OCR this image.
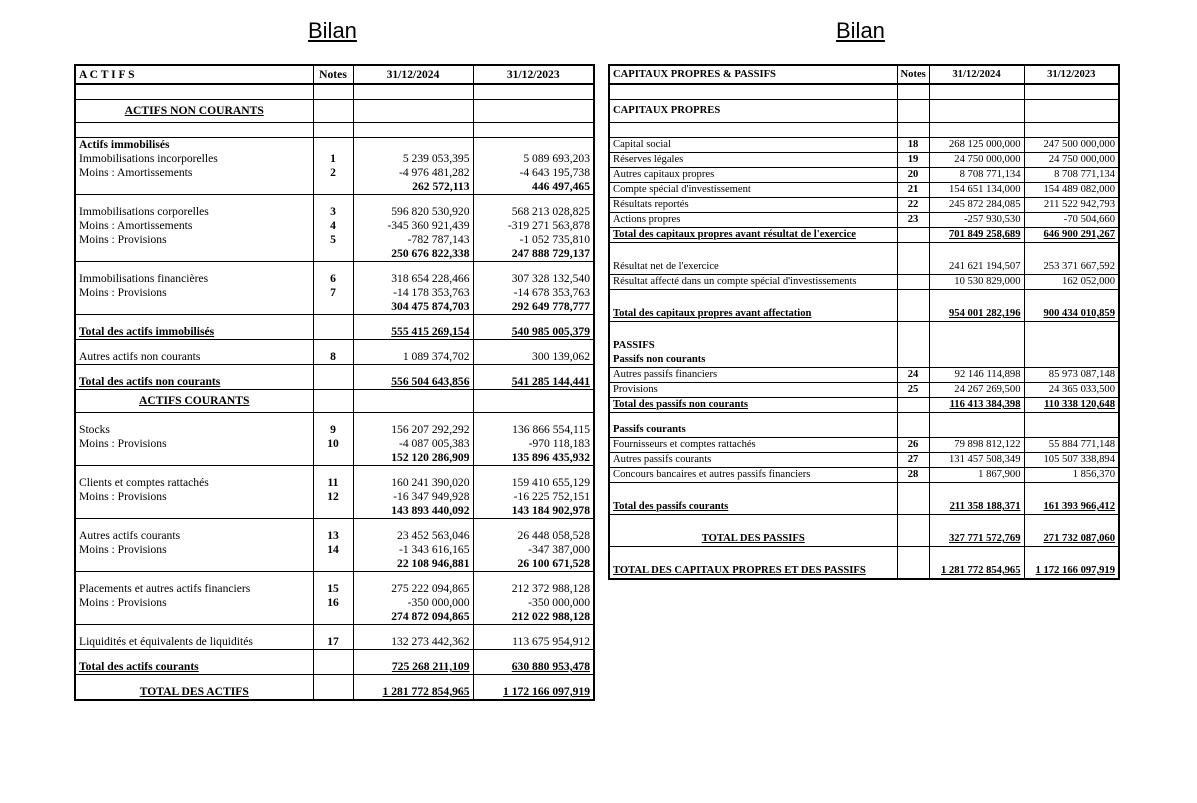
Bilan	Bilan
A C T I F S	Notes	31/12/2024	31/12/2023

ACTIFS NON COURANTS			

Actifs immobilisés			
Immobilisations incorporelles	1	5 239 053,395	5 089 693,203
Moins : Amortissements	2	-4 976 481,282	-4 643 195,738
		262 572,113	446 497,465

Immobilisations corporelles	3	596 820 530,920	568 213 028,825
Moins : Amortissements	4	-345 360 921,439	-319 271 563,878
Moins : Provisions	5	-782 787,143	-1 052 735,810
		250 676 822,338	247 888 729,137

Immobilisations financières	6	318 654 228,466	307 328 132,540
Moins : Provisions	7	-14 178 353,763	-14 678 353,763
		304 475 874,703	292 649 778,777

Total des actifs immobilisés		555 415 269,154	540 985 005,379

Autres actifs non courants	8	1 089 374,702	300 139,062

Total des actifs non courants		556 504 643,856	541 285 144,441
ACTIFS COURANTS			

Stocks	9	156 207 292,292	136 866 554,115
Moins : Provisions	10	-4 087 005,383	-970 118,183
		152 120 286,909	135 896 435,932

Clients et comptes rattachés	11	160 241 390,020	159 410 655,129
Moins : Provisions	12	-16 347 949,928	-16 225 752,151
		143 893 440,092	143 184 902,978

Autres actifs courants	13	23 452 563,046	26 448 058,528
Moins : Provisions	14	-1 343 616,165	-347 387,000
		22 108 946,881	26 100 671,528

Placements et autres actifs financiers	15	275 222 094,865	212 372 988,128
Moins : Provisions	16	-350 000,000	-350 000,000
		274 872 094,865	212 022 988,128

Liquidités et équivalents de liquidités	17	132 273 442,362	113 675 954,912

Total des actifs courants		725 268 211,109	630 880 953,478

TOTAL DES ACTIFS		1 281 772 854,965	1 172 166 097,919
CAPITAUX PROPRES & PASSIFS	Notes	31/12/2024	31/12/2023

CAPITAUX PROPRES			

Capital social	18	268 125 000,000	247 500 000,000
Réserves légales	19	24 750 000,000	24 750 000,000
Autres capitaux propres	20	8 708 771,134	8 708 771,134
Compte spécial d'investissement	21	154 651 134,000	154 489 082,000
Résultats reportés	22	245 872 284,085	211 522 942,793
Actions propres	23	-257 930,530	-70 504,660
Total des capitaux propres avant résultat de l'exercice		701 849 258,689	646 900 291,267

Résultat net de l'exercice		241 621 194,507	253 371 667,592
Résultat affecté dans un compte spécial d'investissements		10 530 829,000	162 052,000

Total des capitaux propres avant affectation		954 001 282,196	900 434 010,859

PASSIFS			
Passifs non courants			
Autres passifs financiers	24	92 146 114,898	85 973 087,148
Provisions	25	24 267 269,500	24 365 033,500
Total des passifs non courants		116 413 384,398	110 338 120,648

Passifs courants			
Fournisseurs et comptes rattachés	26	79 898 812,122	55 884 771,148
Autres passifs courants	27	131 457 508,349	105 507 338,894
Concours bancaires et autres passifs financiers	28	1 867,900	1 856,370

Total des passifs courants		211 358 188,371	161 393 966,412

TOTAL DES PASSIFS		327 771 572,769	271 732 087,060

TOTAL DES CAPITAUX PROPRES ET DES PASSIFS		1 281 772 854,965	1 172 166 097,919
